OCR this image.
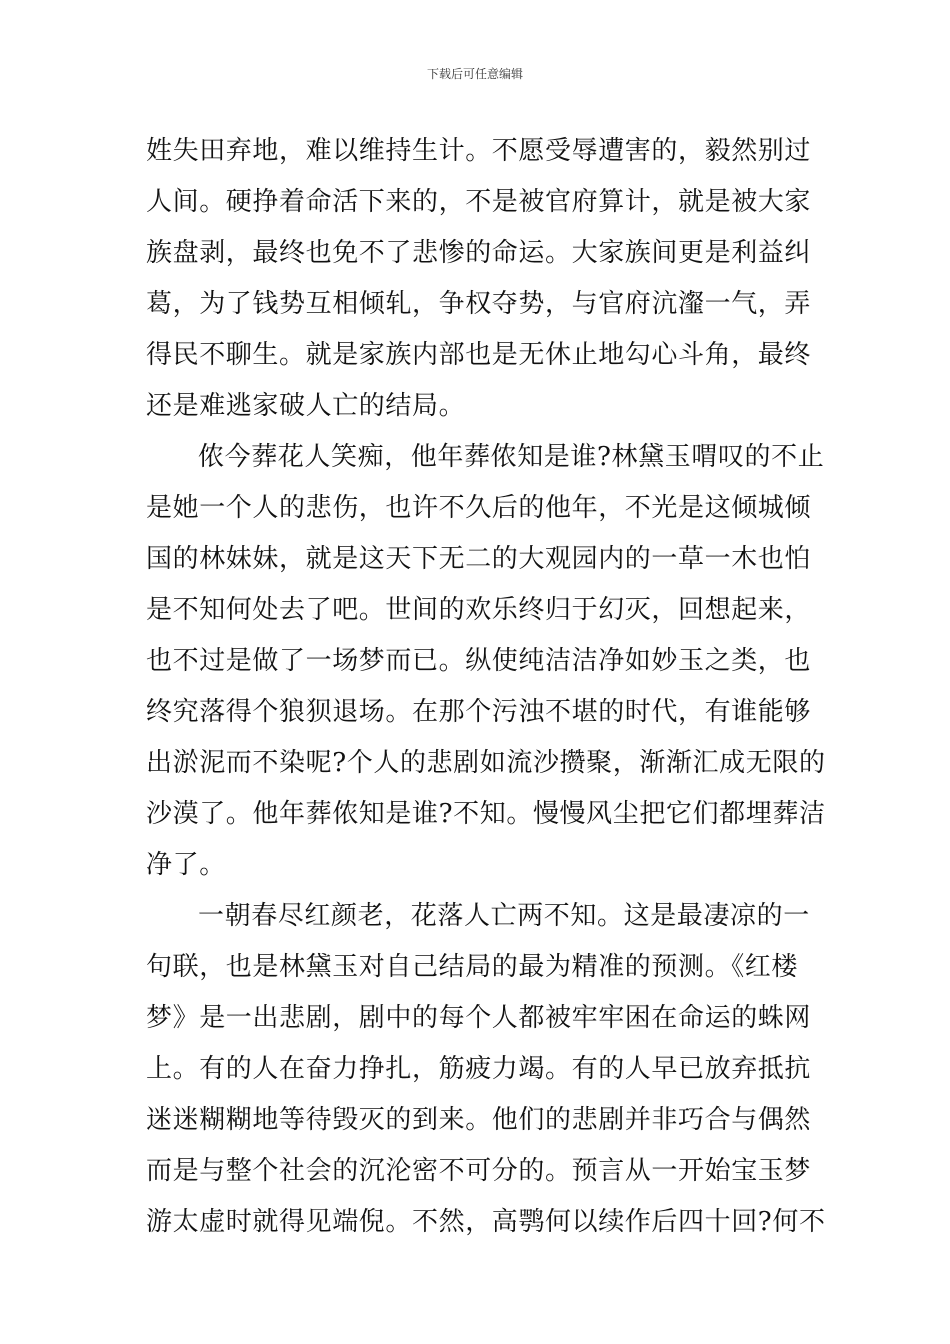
下载后可任意编辑
姓失田弃地，难以维持生计。不愿受辱遭害的，毅然别过
人间。硬挣着命活下来的，不是被官府算计，就是被大家
族盘剥，最终也免不了悲惨的命运。大家族间更是利益纠
葛，为了钱势互相倾轧，争权夺势，与官府沆瀣一气，弄
得民不聊生。就是家族内部也是无休止地勾心斗角，最终
还是难逃家破人亡的结局。
侬今葬花人笑痴，他年葬侬知是谁?林黛玉喟叹的不止
是她一个人的悲伤，也许不久后的他年，不光是这倾城倾
国的林妹妹，就是这天下无二的大观园内的一草一木也怕
是不知何处去了吧。世间的欢乐终归于幻灭，回想起来，
也不过是做了一场梦而已。纵使纯洁洁净如妙玉之类，也
终究落得个狼狈退场。在那个污浊不堪的时代，有谁能够
出淤泥而不染呢?个人的悲剧如流沙攒聚，渐渐汇成无限的
沙漠了。他年葬侬知是谁?不知。慢慢风尘把它们都埋葬洁
净了。
一朝春尽红颜老，花落人亡两不知。这是最凄凉的一
句联，也是林黛玉对自己结局的最为精准的预测。《红楼
梦》是一出悲剧，剧中的每个人都被牢牢困在命运的蛛网
上。有的人在奋力挣扎，筋疲力竭。有的人早已放弃抵抗
迷迷糊糊地等待毁灭的到来。他们的悲剧并非巧合与偶然
而是与整个社会的沉沦密不可分的。预言从一开始宝玉梦
游太虚时就得见端倪。不然，高鹗何以续作后四十回?何不
